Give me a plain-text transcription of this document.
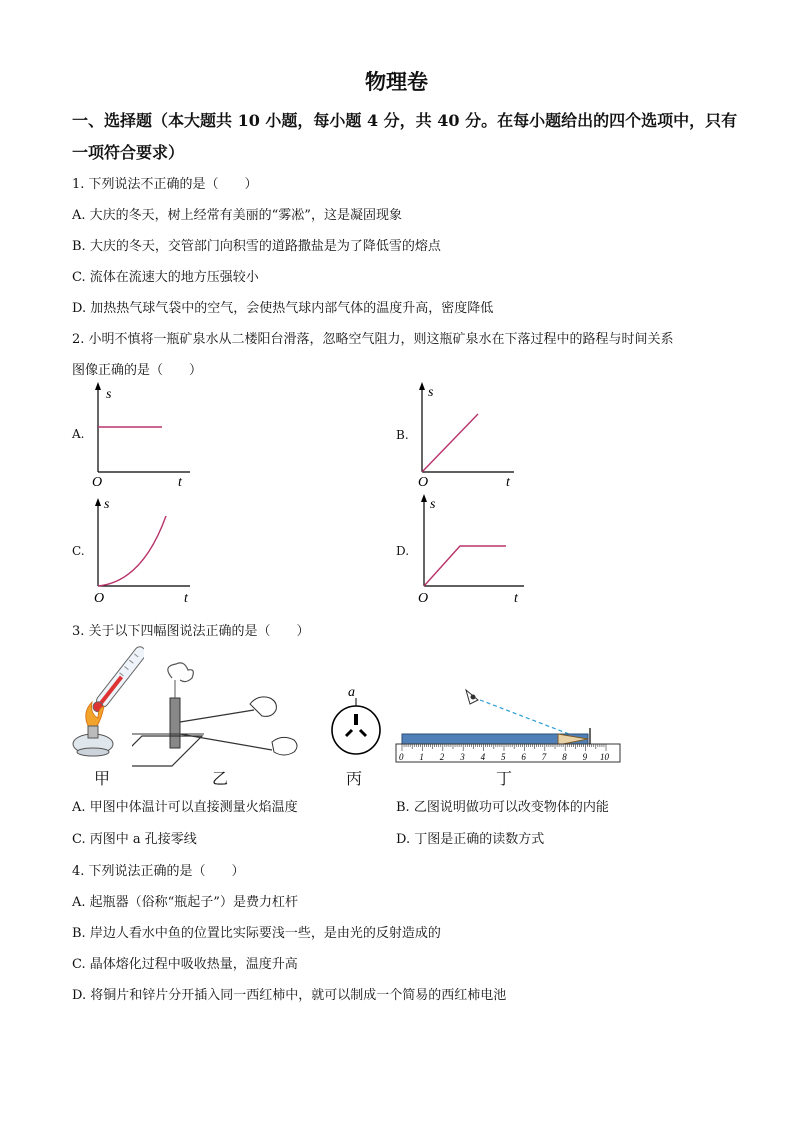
物理卷
一、选择题（本大题共 10 小题，每小题 4 分，共 40 分。在每小题给出的四个选项中，只有
一项符合要求）
1. 下列说法不正确的是（　　）
A. 大庆的冬天，树上经常有美丽的“雾凇”，这是凝固现象
B. 大庆的冬天，交管部门向积雪的道路撒盐是为了降低雪的熔点
C. 流体在流速大的地方压强较小
D. 加热热气球气袋中的空气，会使热气球内部气体的温度升高，密度降低
2. 小明不慎将一瓶矿泉水从二楼阳台滑落，忽略空气阻力，则这瓶矿泉水在下落过程中的路程与时间关系
图像正确的是（　　）
A.
s
O	t
B.
s
O	t
C.
s
O	t
D.
s
O	t
3. 关于以下四幅图说法正确的是（　　）
a
0 1 2 3 4 5 6 7 8 9 10
甲	乙	丙	丁
A. 甲图中体温计可以直接测量火焰温度	B. 乙图说明做功可以改变物体的内能
C. 丙图中 a 孔接零线	D. 丁图是正确的读数方式
4. 下列说法正确的是（　　）
A. 起瓶器（俗称“瓶起子”）是费力杠杆
B. 岸边人看水中鱼的位置比实际要浅一些，是由光的反射造成的
C. 晶体熔化过程中吸收热量，温度升高
D. 将铜片和锌片分开插入同一西红柿中，就可以制成一个简易的西红柿电池
